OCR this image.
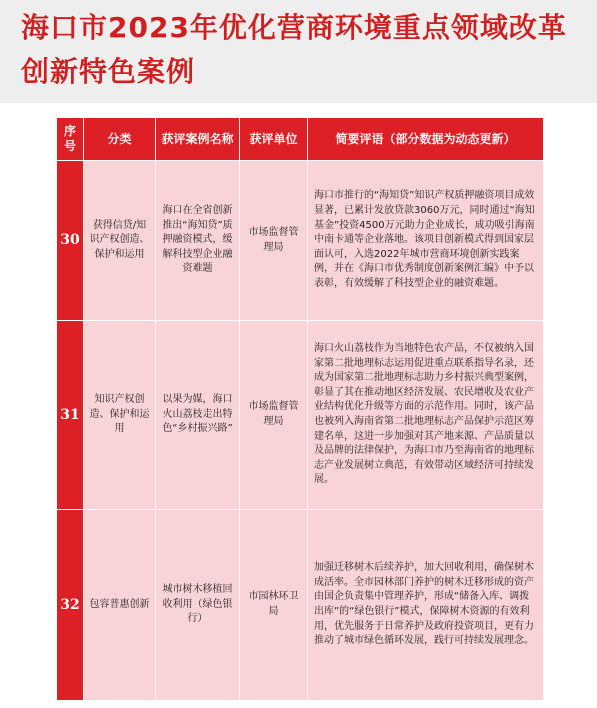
海口市2023年优化营商环境重点领域改革创新特色案例
序号	分类	获评案例名称	获评单位	简要评语（部分数据为动态更新）
30	获得信贷/知识产权创造、保护和运用	海口在全省创新推出“海知贷”质押融资模式，缓解科技型企业融资难题	市场监督管理局	海口市推行的“海知贷”知识产权质押融资项目成效显著，已累计发放贷款3060万元，同时通过“海知基金”投资4500万元助力企业成长，成功吸引海南中南卡通等企业落地。该项目创新模式得到国家层面认可，入选2022年城市营商环境创新实践案例，并在《海口市优秀制度创新案例汇编》中予以表彰，有效缓解了科技型企业的融资难题。
31	知识产权创造、保护和运用	以果为媒，海口火山荔枝走出特色“乡村振兴路”	市场监督管理局	海口火山荔枝作为当地特色农产品，不仅被纳入国家第二批地理标志运用促进重点联系指导名录，还成为国家第二批地理标志助力乡村振兴典型案例，彰显了其在推动地区经济发展、农民增收及农业产业结构优化升级等方面的示范作用。同时，该产品也被列入海南省第二批地理标志产品保护示范区筹建名单，这进一步加强对其产地来源、产品质量以及品牌的法律保护，为海口市乃至海南省的地理标志产业发展树立典范，有效带动区域经济可持续发展。
32	包容普惠创新	城市树木移植回收利用（绿色银行）	市园林环卫局	加强迁移树木后续养护，加大回收利用，确保树木成活率。全市园林部门养护的树木迁移形成的资产由国企负责集中管理养护，形成“储备入库、调拨出库”的“绿色银行”模式，保障树木资源的有效利用，优先服务于日常养护及政府投资项目，更有力推动了城市绿色循环发展，践行可持续发展理念。
